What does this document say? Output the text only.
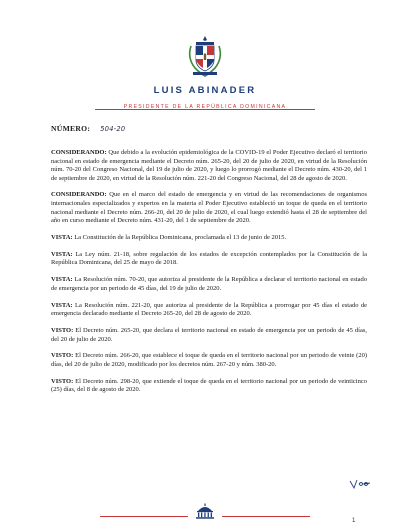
LUIS ABINADER
PRESIDENTE DE LA REPÚBLICA DOMINICANA
NÚMERO: 504-20

CONSIDERANDO: Que debido a la evolución epidemiológica de la COVID-19 el Poder Ejecutivo declaró el territorio nacional en estado de emergencia mediante el Decreto núm. 265-20, del 20 de julio de 2020, en virtud de la Resolución núm. 70-20 del Congreso Nacional, del 19 de julio de 2020, y luego lo prorrogó mediante el Decreto núm. 430-20, del 1 de septiembre de 2020, en virtud de la Resolución núm. 221-20 del Congreso Nacional, del 28 de agosto de 2020.

CONSIDERANDO: Que en el marco del estado de emergencia y en virtud de las recomendaciones de organismos internacionales especializados y expertos en la materia el Poder Ejecutivo estableció un toque de queda en el territorio nacional mediante el Decreto núm. 266-20, del 20 de julio de 2020, el cual luego extendió hasta el 28 de septiembre del año en curso mediante el Decreto núm. 431-20, del 1 de septiembre de 2020.

VISTA: La Constitución de la República Dominicana, proclamada el 13 de junio de 2015.

VISTA: La Ley núm. 21-18, sobre regulación de los estados de excepción contemplados por la Constitución de la República Dominicana, del 25 de mayo de 2018.

VISTA: La Resolución núm. 70-20, que autoriza al presidente de la República a declarar el territorio nacional en estado de emergencia por un periodo de 45 días, del 19 de julio de 2020.

VISTA: La Resolución núm. 221-20, que autoriza al presidente de la República a prorrogar por 45 días el estado de emergencia declarado mediante el Decreto 265-20, del 28 de agosto de 2020.

VISTO: El Decreto núm. 265-20, que declara el territorio nacional en estado de emergencia por un periodo de 45 días, del 20 de julio de 2020.

VISTO: El Decreto núm. 266-20, que establece el toque de queda en el territorio nacional por un periodo de veinte (20) días, del 20 de julio de 2020, modificado por los decretos núm. 267-20 y núm. 380-20.

VISTO: El Decreto núm. 298-20, que extiende el toque de queda en el territorio nacional por un periodo de veinticinco (25) días, del 8 de agosto de 2020.

1
